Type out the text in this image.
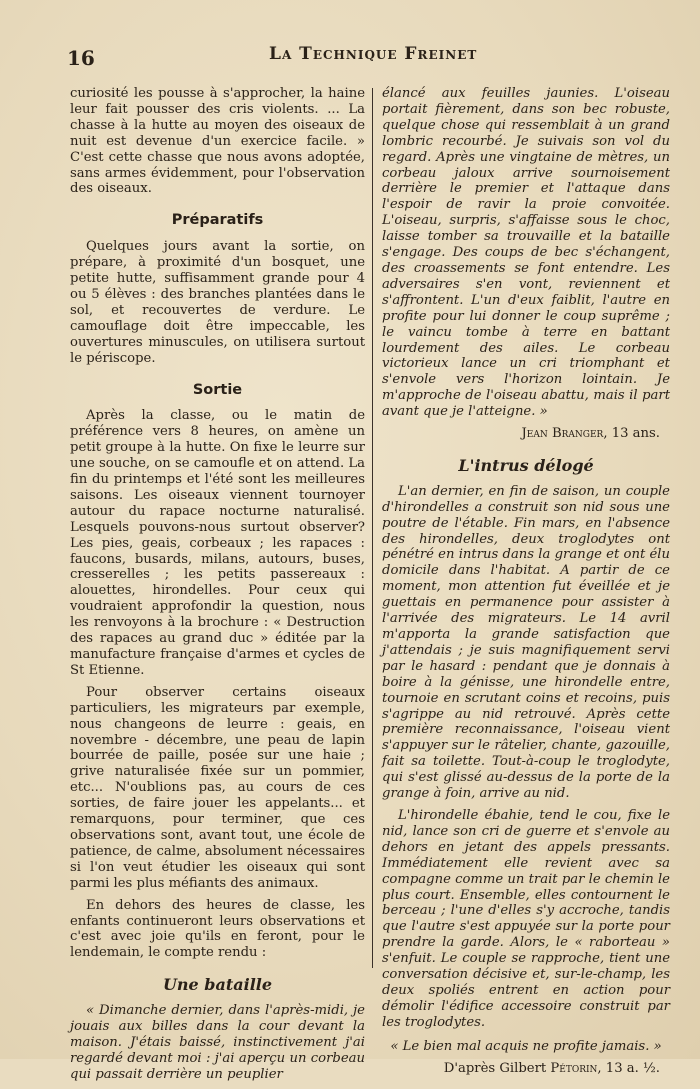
16	La Technique Freinet

curiosité les pousse à s'approcher, la haine leur fait pousser des cris violents. ... La chasse à la hutte au moyen des oiseaux de nuit est devenue d'un exercice facile. » C'est cette chasse que nous avons adoptée, sans armes évidemment, pour l'observation des oiseaux.

Préparatifs

Quelques jours avant la sortie, on prépare, à proximité d'un bosquet, une petite hutte, suffisamment grande pour 4 ou 5 élèves : des branches plantées dans le sol, et recouvertes de verdure. Le camouflage doit être impeccable, les ouvertures minuscules, on utilisera surtout le périscope.

Sortie

Après la classe, ou le matin de préférence vers 8 heures, on amène un petit groupe à la hutte. On fixe le leurre sur une souche, on se camoufle et on attend. La fin du printemps et l'été sont les meilleures saisons. Les oiseaux viennent tournoyer autour du rapace nocturne naturalisé. Lesquels pouvons-nous surtout observer? Les pies, geais, corbeaux ; les rapaces : faucons, busards, milans, autours, buses, cresserelles ; les petits passereaux : alouettes, hirondelles. Pour ceux qui voudraient approfondir la question, nous les renvoyons à la brochure : « Destruction des rapaces au grand duc » éditée par la manufacture française d'armes et cycles de St Etienne.

Pour observer certains oiseaux particuliers, les migrateurs par exemple, nous changeons de leurre : geais, en novembre - décembre, une peau de lapin bourrée de paille, posée sur une haie ; grive naturalisée fixée sur un pommier, etc... N'oublions pas, au cours de ces sorties, de faire jouer les appelants... et remarquons, pour terminer, que ces observations sont, avant tout, une école de patience, de calme, absolument nécessaires si l'on veut étudier les oiseaux qui sont parmi les plus méfiants des animaux.

En dehors des heures de classe, les enfants continueront leurs observations et c'est avec joie qu'ils en feront, pour le lendemain, le compte rendu :

Une bataille

« Dimanche dernier, dans l'après-midi, je jouais aux billes dans la cour devant la maison. J'étais baissé, instinctivement j'ai regardé devant moi : j'ai aperçu un corbeau qui passait derrière un peuplier

élancé aux feuilles jaunies. L'oiseau portait fièrement, dans son bec robuste, quelque chose qui ressemblait à un grand lombric recourbé. Je suivais son vol du regard. Après une vingtaine de mètres, un corbeau jaloux arrive sournoisement derrière le premier et l'attaque dans l'espoir de ravir la proie convoitée. L'oiseau, surpris, s'affaisse sous le choc, laisse tomber sa trouvaille et la bataille s'engage. Des coups de bec s'échangent, des croassements se font entendre. Les adversaires s'en vont, reviennent et s'affrontent. L'un d'eux faiblit, l'autre en profite pour lui donner le coup suprême ; le vaincu tombe à terre en battant lourdement des ailes. Le corbeau victorieux lance un cri triomphant et s'envole vers l'horizon lointain. Je m'approche de l'oiseau abattu, mais il part avant que je l'atteigne. »

Jean Branger, 13 ans.
L'intrus délogé

L'an dernier, en fin de saison, un couple d'hirondelles a construit son nid sous une poutre de l'étable. Fin mars, en l'absence des hirondelles, deux troglodytes ont pénétré en intrus dans la grange et ont élu domicile dans l'habitat. A partir de ce moment, mon attention fut éveillée et je guettais en permanence pour assister à l'arrivée des migrateurs. Le 14 avril m'apporta la grande satisfaction que j'attendais ; je suis magnifiquement servi par le hasard : pendant que je donnais à boire à la génisse, une hirondelle entre, tournoie en scrutant coins et recoins, puis s'agrippe au nid retrouvé. Après cette première reconnaissance, l'oiseau vient s'appuyer sur le râtelier, chante, gazouille, fait sa toilette. Tout-à-coup le troglodyte, qui s'est glissé au-dessus de la porte de la grange à foin, arrive au nid.

L'hirondelle ébahie, tend le cou, fixe le nid, lance son cri de guerre et s'envole au dehors en jetant des appels pressants. Immédiatement elle revient avec sa compagne comme un trait par le chemin le plus court. Ensemble, elles contournent le berceau ; l'une d'elles s'y accroche, tandis que l'autre s'est appuyée sur la porte pour prendre la garde. Alors, le « raborteau » s'enfuit. Le couple se rapproche, tient une conversation décisive et, sur-le-champ, les deux spoliés entrent en action pour démolir l'édifice accessoire construit par les troglodytes.

« Le bien mal acquis ne profite jamais. »
D'après Gilbert Pétorin, 13 a. ½.
